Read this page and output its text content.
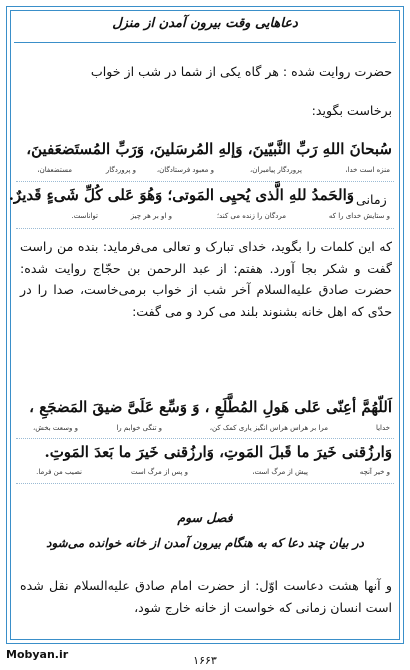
دعاهایی وقت بیرون آمدن از منزل
حضرت روایت شده : هر گاه یکی از شما در شب از خواب
برخاست بگوید:
سُبحانَ اللهِ رَبِّ النَّبیّینَ، وَإلهِ المُرسَلینَ، وَرَبِّ المُستَضعَفینَ،
منزه است خدا،
پروردگار پیامبران،
و معبود فرستادگان،
و پروردگار
مستضعفان،
وَالحَمدُ للهِ الَّذی یُحیِی المَوتی؛ وَهُوَ عَلی کُلِّ شَیءٍ قَدیرٌ. زمانی
و ستایش خدای را که
مردگان را زنده می کند؛
و او بر هر چیز
تواناست.
که این کلمات را بگوید، خدای تبارک و تعالی می‌فرماید: بنده من راست گفت و شکر بجا آورد. هفتم: از عبد الرحمن بن حجّاج روایت شده: حضرت صادق علیه‌السلام آخر شب از خواب برمی‌خاست، صدا را در حدّی که اهل خانه بشنوند بلند می کرد و می گفت:
اَللّهُمَّ أعِنّی عَلی هَولِ المُطَّلَعِ ، وَ وَسِّع عَلَیَّ ضیقَ المَضجَعِ ،
خدایا
مرا بر هراس هراس انگیز یاری کمک کن،
و تنگی خوابم را
و وسعت بخش،
وَارزُقنی خَیرَ ما قَبلَ المَوتِ، وَارزُقنی خَیرَ ما بَعدَ المَوتِ.
و خیر آنچه
پیش از مرگ است،
و پس از مرگ است
نصیب من فرما.
فصل سوم
در بیان چند دعا که به هنگام بیرون آمدن از خانه خوانده می‌شود
و آنها هشت دعاست اوّل: از حضرت امام صادق علیه‌السلام نقل شده است انسان زمانی که خواست از خانه خارج شود،
Mobyan.ir	۱۶۶۳
